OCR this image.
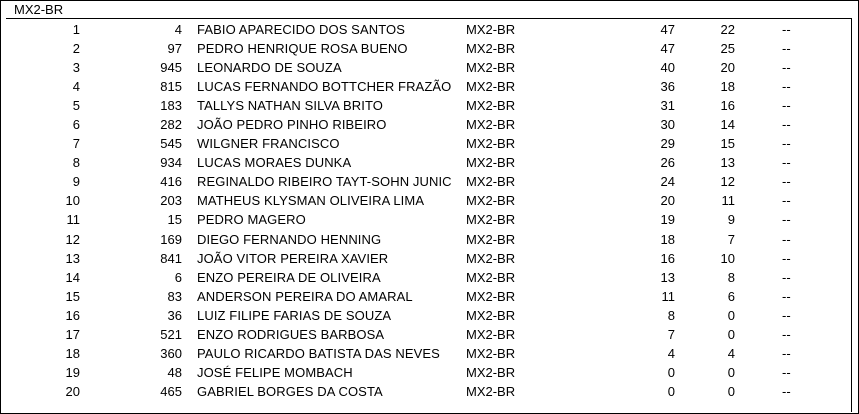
MX2-BR
1	4 FABIO APARECIDO DOS SANTOS	MX2-BR	47	22	--
2	97 PEDRO HENRIQUE ROSA BUENO	MX2-BR	47	25	--
3	945 LEONARDO DE SOUZA	MX2-BR	40	20	--
4	815 LUCAS FERNANDO BOTTCHER FRAZÃO MX2-BR	36	18	--
5	183 TALLYS NATHAN SILVA BRITO	MX2-BR	31	16	--
6	282 JOÃO PEDRO PINHO RIBEIRO	MX2-BR	30	14	--
7	545 WILGNER FRANCISCO	MX2-BR	29	15	--
8	934 LUCAS MORAES DUNKA	MX2-BR	26	13	--
9	416 REGINALDO RIBEIRO TAYT-SOHN JUNIC MX2-BR	24	12	--
10	203 MATHEUS KLYSMAN OLIVEIRA LIMA	MX2-BR	20	11	--
11	15 PEDRO MAGERO	MX2-BR	19	9	--
12	169 DIEGO FERNANDO HENNING	MX2-BR	18	7	--
13	841 JOÃO VITOR PEREIRA XAVIER	MX2-BR	16	10	--
14	6 ENZO PEREIRA DE OLIVEIRA	MX2-BR	13	8	--
15	83 ANDERSON PEREIRA DO AMARAL	MX2-BR	11	6	--
16	36 LUIZ FILIPE FARIAS DE SOUZA	MX2-BR	8	0	--
17	521 ENZO RODRIGUES BARBOSA	MX2-BR	7	0	--
18	360 PAULO RICARDO BATISTA DAS NEVES	MX2-BR	4	4	--
19	48 JOSÉ FELIPE MOMBACH	MX2-BR	0	0	--
20	465 GABRIEL BORGES DA COSTA	MX2-BR	0	0	--
